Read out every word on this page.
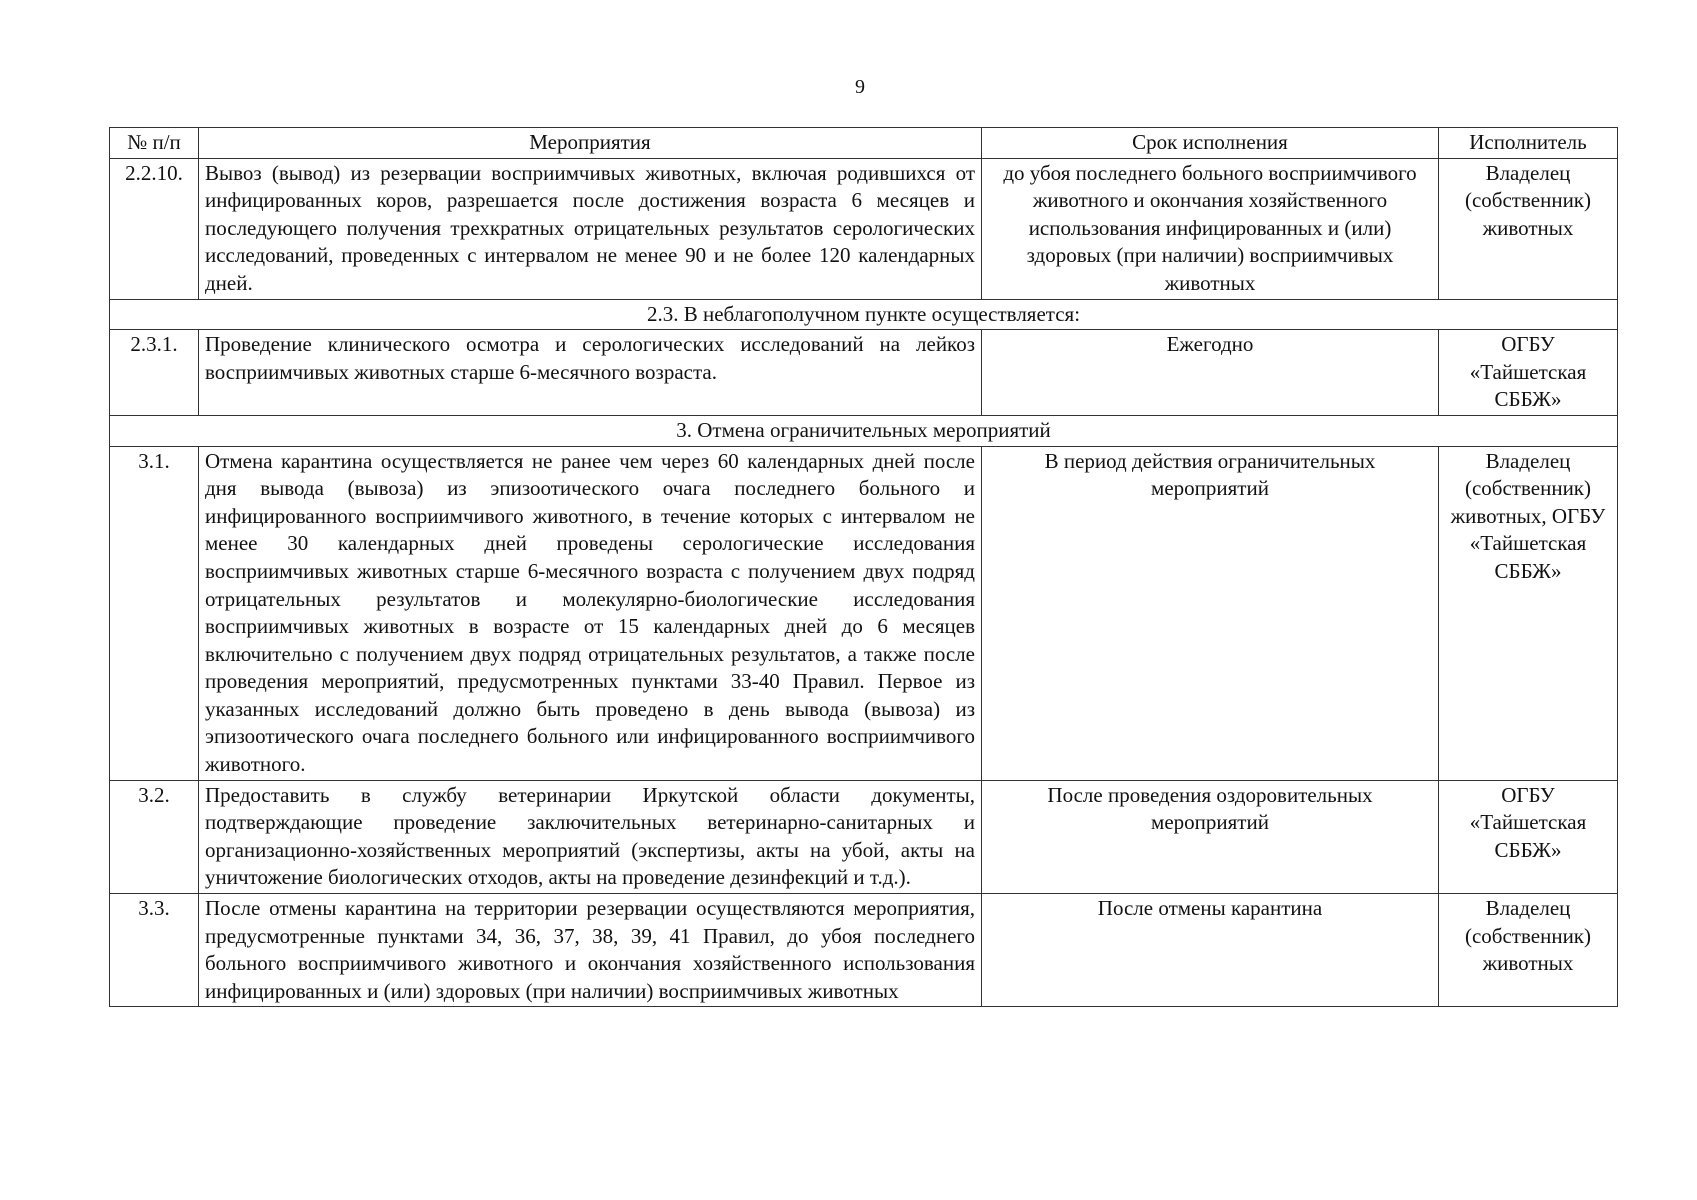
9
№ п/п	Мероприятия	Срок исполнения	Исполнитель
2.2.10.	Вывоз (вывод) из резервации восприимчивых животных, включая родившихся от инфицированных коров, разрешается после достижения возраста 6 месяцев и последующего получения трехкратных отрицательных результатов серологических исследований, проведенных с интервалом не менее 90 и не более 120 календарных дней.	до убоя последнего больного восприимчивого животного и окончания хозяйственного использования инфицированных и (или) здоровых (при наличии) восприимчивых животных	Владелец (собственник) животных
2.3. В неблагополучном пункте осуществляется:			
2.3.1.	Проведение клинического осмотра и серологических исследований на лейкоз восприимчивых животных старше 6-месячного возраста.	Ежегодно	ОГБУ «Тайшетская СББЖ»
3. Отмена ограничительных мероприятий			
3.1.	Отмена карантина осуществляется не ранее чем через 60 календарных дней после дня вывода (вывоза) из эпизоотического очага последнего больного и инфицированного восприимчивого животного, в течение которых с интервалом не менее 30 календарных дней проведены серологические исследования восприимчивых животных старше 6-месячного возраста с получением двух подряд отрицательных результатов и молекулярно-биологические исследования восприимчивых животных в возрасте от 15 календарных дней до 6 месяцев включительно с получением двух подряд отрицательных результатов, а также после проведения мероприятий, предусмотренных пунктами 33-40 Правил. Первое из указанных исследований должно быть проведено в день вывода (вывоза) из эпизоотического очага последнего больного или инфицированного восприимчивого животного.	В период действия ограничительных мероприятий	Владелец (собственник) животных, ОГБУ «Тайшетская СББЖ»
3.2.	Предоставить в службу ветеринарии Иркутской области документы, подтверждающие проведение заключительных ветеринарно-санитарных и организационно-хозяйственных мероприятий (экспертизы, акты на убой, акты на уничтожение биологических отходов, акты на проведение дезинфекций и т.д.).	После проведения оздоровительных мероприятий	ОГБУ «Тайшетская СББЖ»
3.3.	После отмены карантина на территории резервации осуществляются мероприятия, предусмотренные пунктами 34, 36, 37, 38, 39, 41 Правил, до убоя последнего больного восприимчивого животного и окончания хозяйственного использования инфицированных и (или) здоровых (при наличии) восприимчивых животных	После отмены карантина	Владелец (собственник) животных
